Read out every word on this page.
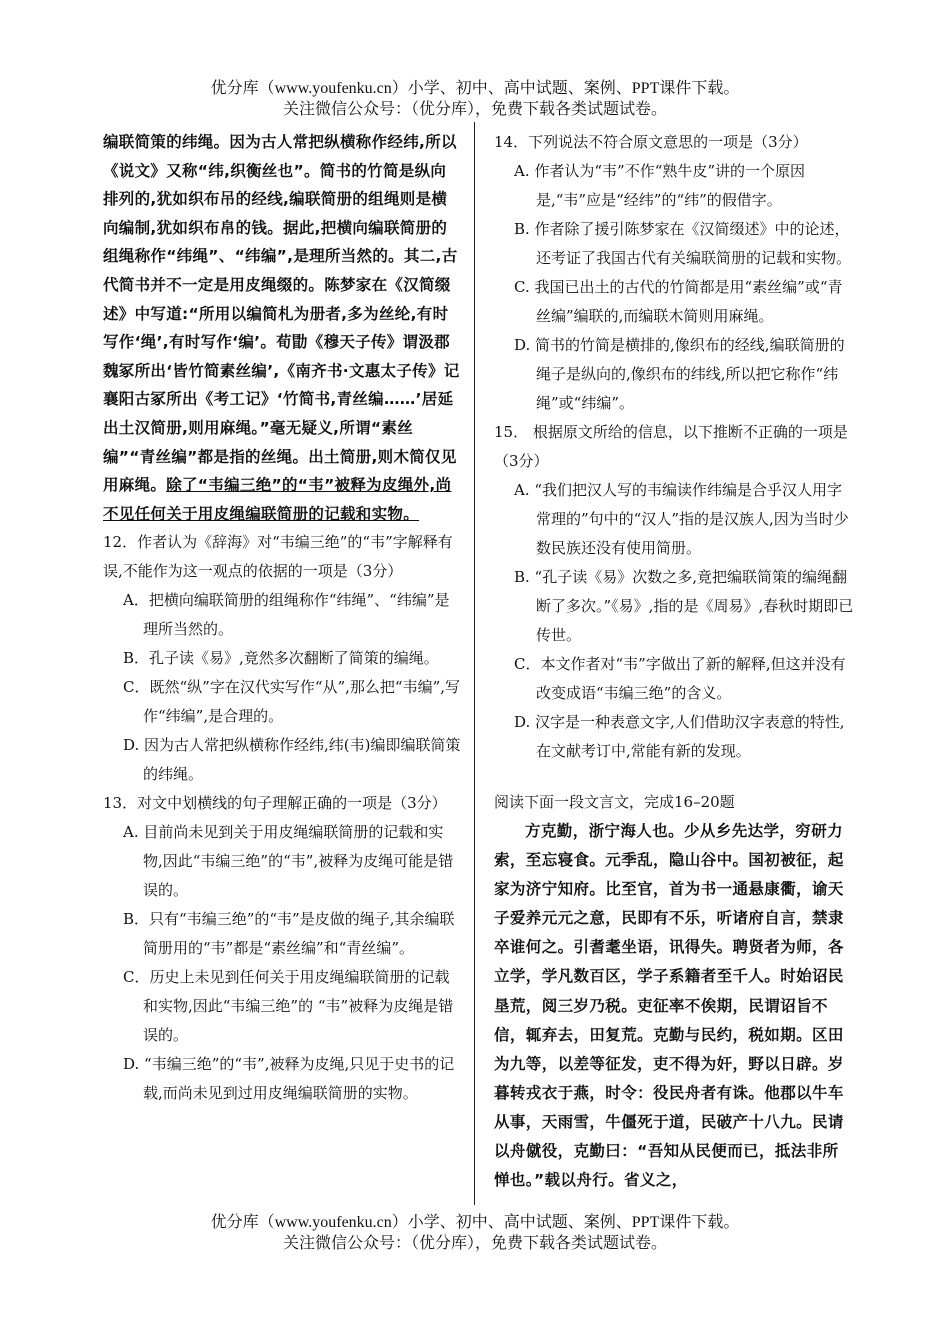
优分库（www.youfenku.cn）小学、初中、高中试题、案例、PPT课件下载。
关注微信公众号：（优分库），免费下载各类试题试卷。
编联简策的纬绳。因为古人常把纵横称作经纬,所以《说文》又称“纬,织衡丝也”。简书的竹简是纵向排列的,犹如织布吊的经线,编联简册的组绳则是横向编制,犹如织布帛的钱。据此,把横向编联简册的组绳称作“纬绳”、“纬编”,是理所当然的。其二,古代简书并不一定是用皮绳缀的。陈梦家在《汉简缀述》中写道:“所用以编简札为册者,多为丝纶,有时写作‘绳’,有时写作‘编’。荀勖《穆天子传》谓汲郡魏冢所出‘皆竹简素丝编’,《南齐书·文惠太子传》记襄阳古冢所出《考工记》‘竹简书,青丝编……’居延出土汉简册,则用麻绳。”毫无疑义,所谓“素丝编”“青丝编”都是指的丝绳。出土简册,则木简仅见用麻绳。除了“韦编三绝”的“韦”被释为皮绳外,尚不见任何关于用皮绳编联简册的记载和实物。
12．作者认为《辞海》对“韦编三绝”的“韦”字解释有误,不能作为这一观点的依据的一项是（3分）
A．把横向编联简册的组绳称作“纬绳”、“纬编”是理所当然的。
B．孔子读《易》,竟然多次翻断了简策的编绳。
C．既然“纵”字在汉代实写作“从”,那么把“韦编”,写作“纬编”,是合理的。
D. 因为古人常把纵横称作经纬,纬(韦)编即编联简策的纬绳。
13．对文中划横线的句子理解正确的一项是（3分）
A. 目前尚未见到关于用皮绳编联简册的记载和实物,因此“韦编三绝”的“韦”,被释为皮绳可能是错误的。
B．只有“韦编三绝”的“韦”是皮做的绳子,其余编联简册用的“韦”都是“素丝编”和“青丝编”。
C．历史上未见到任何关于用皮绳编联简册的记载和实物,因此“韦编三绝”的 “韦”被释为皮绳是错误的。
D. “韦编三绝”的“韦”,被释为皮绳,只见于史书的记载,而尚未见到过用皮绳编联简册的实物。
14．下列说法不符合原文意思的一项是（3分）
A. 作者认为“韦”不作“熟牛皮”讲的一个原因是,“韦”应是“经纬”的“纬”的假借字。
B. 作者除了援引陈梦家在《汉简缀述》中的论述，还考证了我国古代有关编联简册的记载和实物。
C. 我国已出土的古代的竹简都是用“素丝编”或“青丝编”编联的,而编联木简则用麻绳。
D. 简书的竹简是横排的,像织布的经线,编联简册的绳子是纵向的,像织布的纬线,所以把它称作“纬绳”或“纬编”。
15． 根据原文所给的信息，以下推断不正确的一项是（3分）
A. “我们把汉人写的韦编读作纬编是合乎汉人用字常理的”句中的“汉人”指的是汉族人,因为当时少数民族还没有使用简册。
B. “孔子读《易》次数之多,竟把编联简策的编绳翻断了多次。”《易》,指的是《周易》,春秋时期即已传世。
C．本文作者对“韦”字做出了新的解释,但这并没有改变成语“韦编三绝”的含义。
D. 汉字是一种表意文字,人们借助汉字表意的特性,在文献考订中,常能有新的发现。
阅读下面一段文言文，完成16–20题
方克勤，浙宁海人也。少从乡先达学，穷研力索，至忘寝食。元季乱，隐山谷中。国初被征，起家为济宁知府。比至官，首为书一通悬康衢，谕天子爱养元元之意，民即有不乐，听诸府自言，禁隶卒谁何之。引耆耄坐语，讯得失。聘贤者为师，各立学，学凡数百区，学子系籍者至千人。时始诏民垦荒，阅三岁乃税。吏征率不俟期，民谓诏旨不信，辄弃去，田复荒。克勤与民约，税如期。区田为九等，以差等征发，吏不得为奸，野以日辟。岁暮转戎衣于燕，时令：役民舟者有诛。他郡以牛车从事，天雨雪，牛僵死于道，民破产十八九。民请以舟僦役，克勤曰：“吾知从民便而已，抵法非所惮也。”载以舟行。省义之，
优分库（www.youfenku.cn）小学、初中、高中试题、案例、PPT课件下载。
关注微信公众号：（优分库），免费下载各类试题试卷。
